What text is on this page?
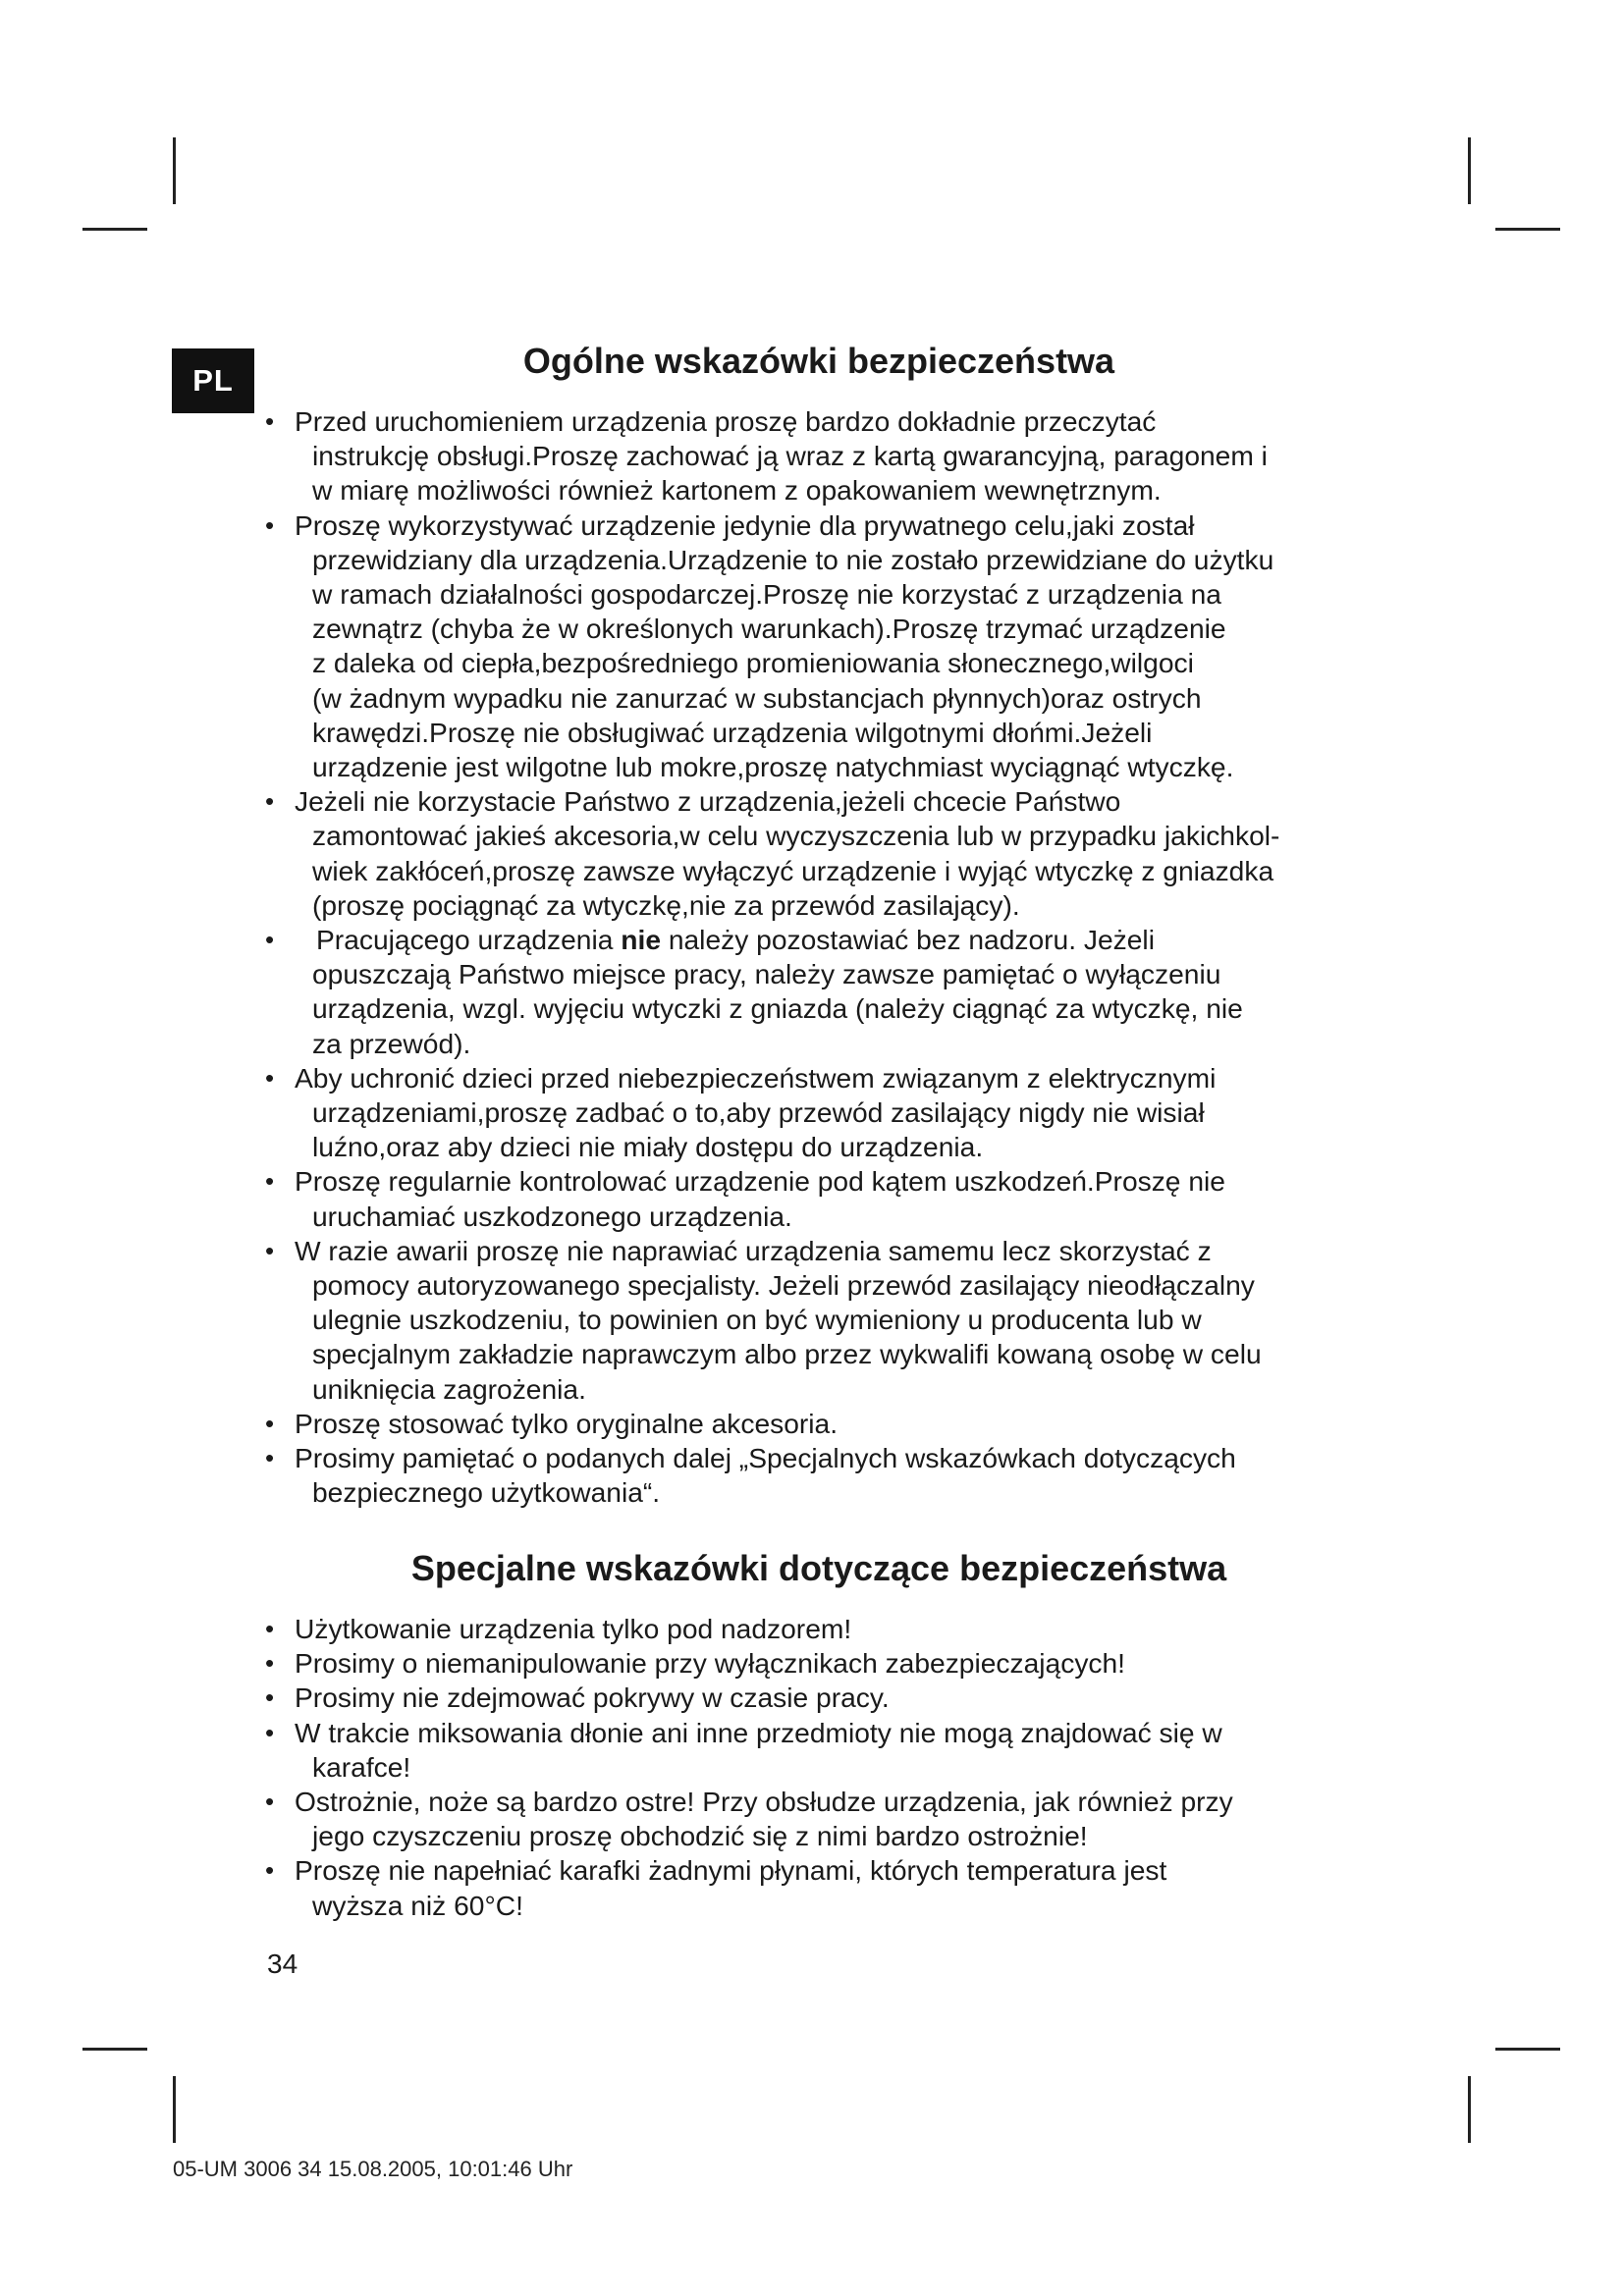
PL	Ogólne wskazówki bezpieczeństwa
• Przed uruchomieniem urządzenia proszę bardzo dokładnie przeczytać
instrukcję obsługi.Proszę zachować ją wraz z kartą gwarancyjną, paragonem i
w miarę możliwości również kartonem z opakowaniem wewnętrznym.
• Proszę wykorzystywać urządzenie jedynie dla prywatnego celu,jaki został
przewidziany dla urządzenia.Urządzenie to nie zostało przewidziane do użytku
w ramach działalności gospodarczej.Proszę nie korzystać z urządzenia na
zewnątrz (chyba że w określonych warunkach).Proszę trzymać urządzenie
z daleka od ciepła,bezpośredniego promieniowania słonecznego,wilgoci
(w żadnym wypadku nie zanurzać w substancjach płynnych)oraz ostrych
krawędzi.Proszę nie obsługiwać urządzenia wilgotnymi dłońmi.Jeżeli
urządzenie jest wilgotne lub mokre,proszę natychmiast wyciągnąć wtyczkę.
• Jeżeli nie korzystacie Państwo z urządzenia,jeżeli chcecie Państwo
zamontować jakieś akcesoria,w celu wyczyszczenia lub w przypadku jakichkol-
wiek zakłóceń,proszę zawsze wyłączyć urządzenie i wyjąć wtyczkę z gniazdka
(proszę pociągnąć za wtyczkę,nie za przewód zasilający).
• Pracującego urządzenia nie należy pozostawiać bez nadzoru. Jeżeli
opuszczają Państwo miejsce pracy, należy zawsze pamiętać o wyłączeniu
urządzenia, wzgl. wyjęciu wtyczki z gniazda (należy ciągnąć za wtyczkę, nie
za przewód).
• Aby uchronić dzieci przed niebezpieczeństwem związanym z elektrycznymi
urządzeniami,proszę zadbać o to,aby przewód zasilający nigdy nie wisiał
luźno,oraz aby dzieci nie miały dostępu do urządzenia.
• Proszę regularnie kontrolować urządzenie pod kątem uszkodzeń.Proszę nie
uruchamiać uszkodzonego urządzenia.
• W razie awarii proszę nie naprawiać urządzenia samemu lecz skorzystać z
pomocy autoryzowanego specjalisty. Jeżeli przewód zasilający nieodłączalny
ulegnie uszkodzeniu, to powinien on być wymieniony u producenta lub w
specjalnym zakładzie naprawczym albo przez wykwalifi kowaną osobę w celu
uniknięcia zagrożenia.
• Proszę stosować tylko oryginalne akcesoria.
• Prosimy pamiętać o podanych dalej „Specjalnych wskazówkach dotyczących
bezpiecznego użytkowania“.
Specjalne wskazówki dotyczące bezpieczeństwa
• Użytkowanie urządzenia tylko pod nadzorem!
• Prosimy o niemanipulowanie przy wyłącznikach zabezpieczających!
• Prosimy nie zdejmować pokrywy w czasie pracy.
• W trakcie miksowania dłonie ani inne przedmioty nie mogą znajdować się w
karafce!
• Ostrożnie, noże są bardzo ostre! Przy obsłudze urządzenia, jak również przy
jego czyszczeniu proszę obchodzić się z nimi bardzo ostrożnie!
• Proszę nie napełniać karafki żadnymi płynami, których temperatura jest
wyższa niż 60°C!
34
05-UM 3006 34 15.08.2005, 10:01:46 Uhr
